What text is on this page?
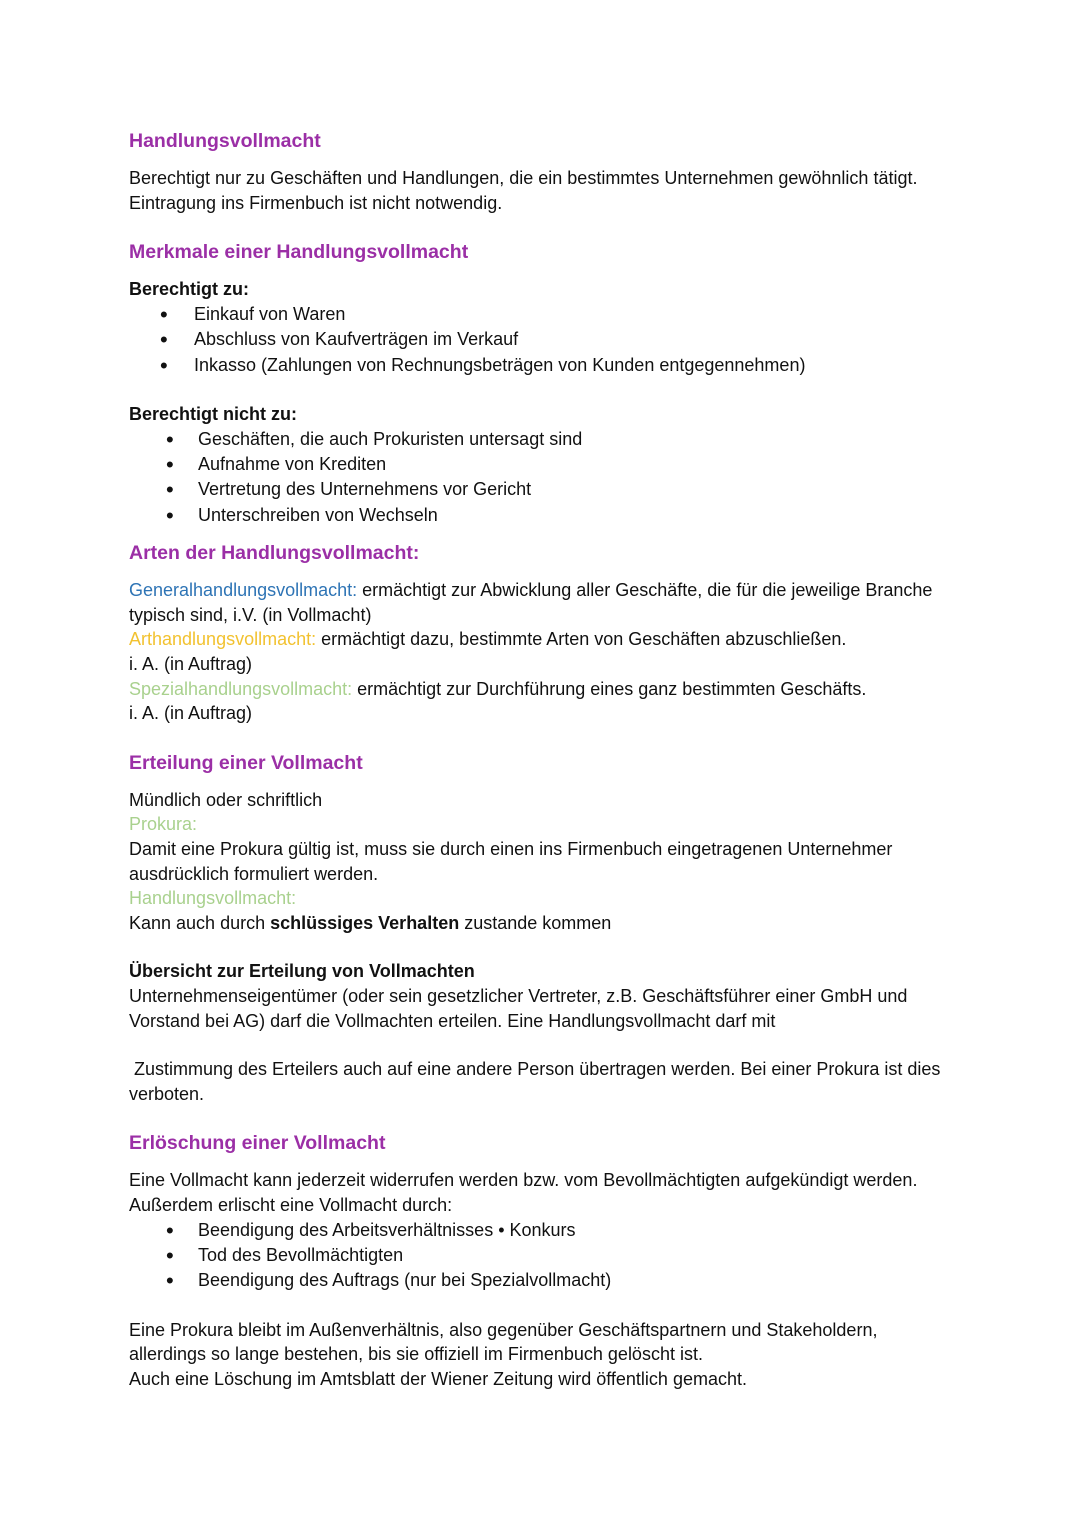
Handlungsvollmacht

Berechtigt nur zu Geschäften und Handlungen, die ein bestimmtes Unternehmen gewöhnlich tätigt.

Eintragung ins Firmenbuch ist nicht notwendig.

Merkmale einer Handlungsvollmacht

Berechtigt zu:

• Einkauf von Waren
• Abschluss von Kaufverträgen im Verkauf
• Inkasso (Zahlungen von Rechnungsbeträgen von Kunden entgegennehmen)

Berechtigt nicht zu:

• Geschäften, die auch Prokuristen untersagt sind
• Aufnahme von Krediten
• Vertretung des Unternehmens vor Gericht
• Unterschreiben von Wechseln
Arten der Handlungsvollmacht:

Generalhandlungsvollmacht: ermächtigt zur Abwicklung aller Geschäfte, die für die jeweilige Branche

typisch sind, i.V. (in Vollmacht)

Arthandlungsvollmacht: ermächtigt dazu, bestimmte Arten von Geschäften abzuschließen.

i. A. (in Auftrag)

Spezialhandlungsvollmacht: ermächtigt zur Durchführung eines ganz bestimmten Geschäfts.

i. A. (in Auftrag)

Erteilung einer Vollmacht

Mündlich oder schriftlich

Prokura:

Damit eine Prokura gültig ist, muss sie durch einen ins Firmenbuch eingetragenen Unternehmer

ausdrücklich formuliert werden.

Handlungsvollmacht:

Kann auch durch schlüssiges Verhalten zustande kommen

Übersicht zur Erteilung von Vollmachten

Unternehmenseigentümer (oder sein gesetzlicher Vertreter, z.B. Geschäftsführer einer GmbH und

Vorstand bei AG) darf die Vollmachten erteilen. Eine Handlungsvollmacht darf mit

Zustimmung des Erteilers auch auf eine andere Person übertragen werden. Bei einer Prokura ist dies

verboten.

Erlöschung einer Vollmacht

Eine Vollmacht kann jederzeit widerrufen werden bzw. vom Bevollmächtigten aufgekündigt werden.

Außerdem erlischt eine Vollmacht durch:

• Beendigung des Arbeitsverhältnisses • Konkurs
• Tod des Bevollmächtigten
• Beendigung des Auftrags (nur bei Spezialvollmacht)

Eine Prokura bleibt im Außenverhältnis, also gegenüber Geschäftspartnern und Stakeholdern,

allerdings so lange bestehen, bis sie offiziell im Firmenbuch gelöscht ist.

Auch eine Löschung im Amtsblatt der Wiener Zeitung wird öffentlich gemacht.
